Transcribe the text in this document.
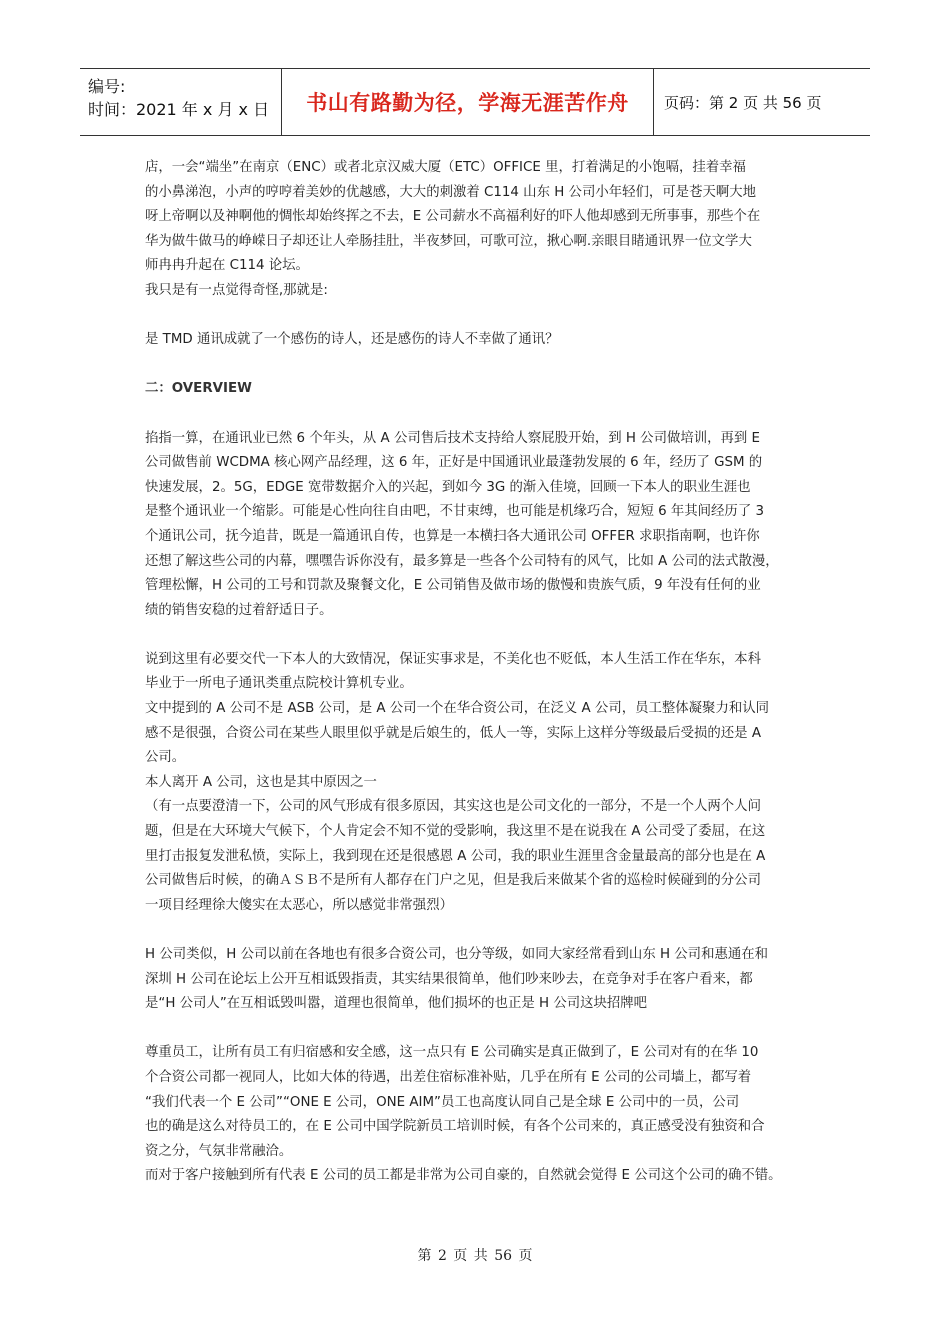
编号:
时间：2021 年 x 月 x 日	书山有路勤为径，学海无涯苦作舟 页码：第 2 页 共 56 页

店，一会“端坐”在南京（ENC）或者北京汉威大厦（ETC）OFFICE 里，打着满足的小饱嗝，挂着幸福

的小鼻涕泡，小声的哼哼着美妙的优越感，大大的刺激着 C114 山东 H 公司小年轻们，可是苍天啊大地

呀上帝啊以及神啊他的惆怅却始终挥之不去，E 公司薪水不高福利好的吓人他却感到无所事事，那些个在

华为做牛做马的峥嵘日子却还让人牵肠挂肚，半夜梦回，可歌可泣，揪心啊.亲眼目睹通讯界一位文学大

师冉冉升起在 C114 论坛。

我只是有一点觉得奇怪,那就是:

是 TMD 通讯成就了一个感伤的诗人，还是感伤的诗人不幸做了通讯？

二：OVERVIEW

掐指一算，在通讯业已然 6 个年头，从 A 公司售后技术支持给人察屁股开始，到 H 公司做培训，再到 E

公司做售前 WCDMA 核心网产品经理，这 6 年，正好是中国通讯业最蓬勃发展的 6 年，经历了 GSM 的

快速发展，2。5G，EDGE 宽带数据介入的兴起，到如今 3G 的渐入佳境，回顾一下本人的职业生涯也

是整个通讯业一个缩影。可能是心性向往自由吧，不甘束缚，也可能是机缘巧合，短短 6 年其间经历了 3

个通讯公司，抚今追昔，既是一篇通讯自传，也算是一本横扫各大通讯公司 OFFER 求职指南啊，也许你

还想了解这些公司的内幕，嘿嘿告诉你没有，最多算是一些各个公司特有的风气，比如 A 公司的法式散漫，

管理松懈，H 公司的工号和罚款及聚餐文化，E 公司销售及做市场的傲慢和贵族气质，9 年没有任何的业

绩的销售安稳的过着舒适日子。

说到这里有必要交代一下本人的大致情况，保证实事求是，不美化也不贬低，本人生活工作在华东，本科

毕业于一所电子通讯类重点院校计算机专业。

文中提到的 A 公司不是 ASB 公司，是 A 公司一个在华合资公司，在泛义 A 公司，员工整体凝聚力和认同

感不是很强，合资公司在某些人眼里似乎就是后娘生的，低人一等，实际上这样分等级最后受损的还是 A

公司。

本人离开 A 公司，这也是其中原因之一

（有一点要澄清一下，公司的风气形成有很多原因，其实这也是公司文化的一部分，不是一个人两个人问

题，但是在大环境大气候下，个人肯定会不知不觉的受影响，我这里不是在说我在 A 公司受了委屈，在这

里打击报复发泄私愤，实际上，我到现在还是很感恩 A 公司，我的职业生涯里含金量最高的部分也是在 A

公司做售后时候，的确ＡＳＢ不是所有人都存在门户之见，但是我后来做某个省的巡检时候碰到的分公司

一项目经理徐大傻实在太恶心，所以感觉非常强烈）

H 公司类似，H 公司以前在各地也有很多合资公司，也分等级，如同大家经常看到山东 H 公司和惠通在和

深圳 H 公司在论坛上公开互相诋毁指责，其实结果很简单，他们吵来吵去，在竞争对手在客户看来，都

是“H 公司人”在互相诋毁叫嚣，道理也很简单，他们损坏的也正是 H 公司这块招牌吧

尊重员工，让所有员工有归宿感和安全感，这一点只有 E 公司确实是真正做到了，E 公司对有的在华 10

个合资公司都一视同人，比如大体的待遇，出差住宿标准补贴，几乎在所有 E 公司的公司墙上，都写着

“我们代表一个 E 公司”“ONE E 公司，ONE AIM”员工也高度认同自己是全球 E 公司中的一员，公司

也的确是这么对待员工的，在 E 公司中国学院新员工培训时候，有各个公司来的，真正感受没有独资和合

资之分，气氛非常融洽。

而对于客户接触到所有代表 E 公司的员工都是非常为公司自豪的，自然就会觉得 E 公司这个公司的确不错。

第 2 页 共 56 页
